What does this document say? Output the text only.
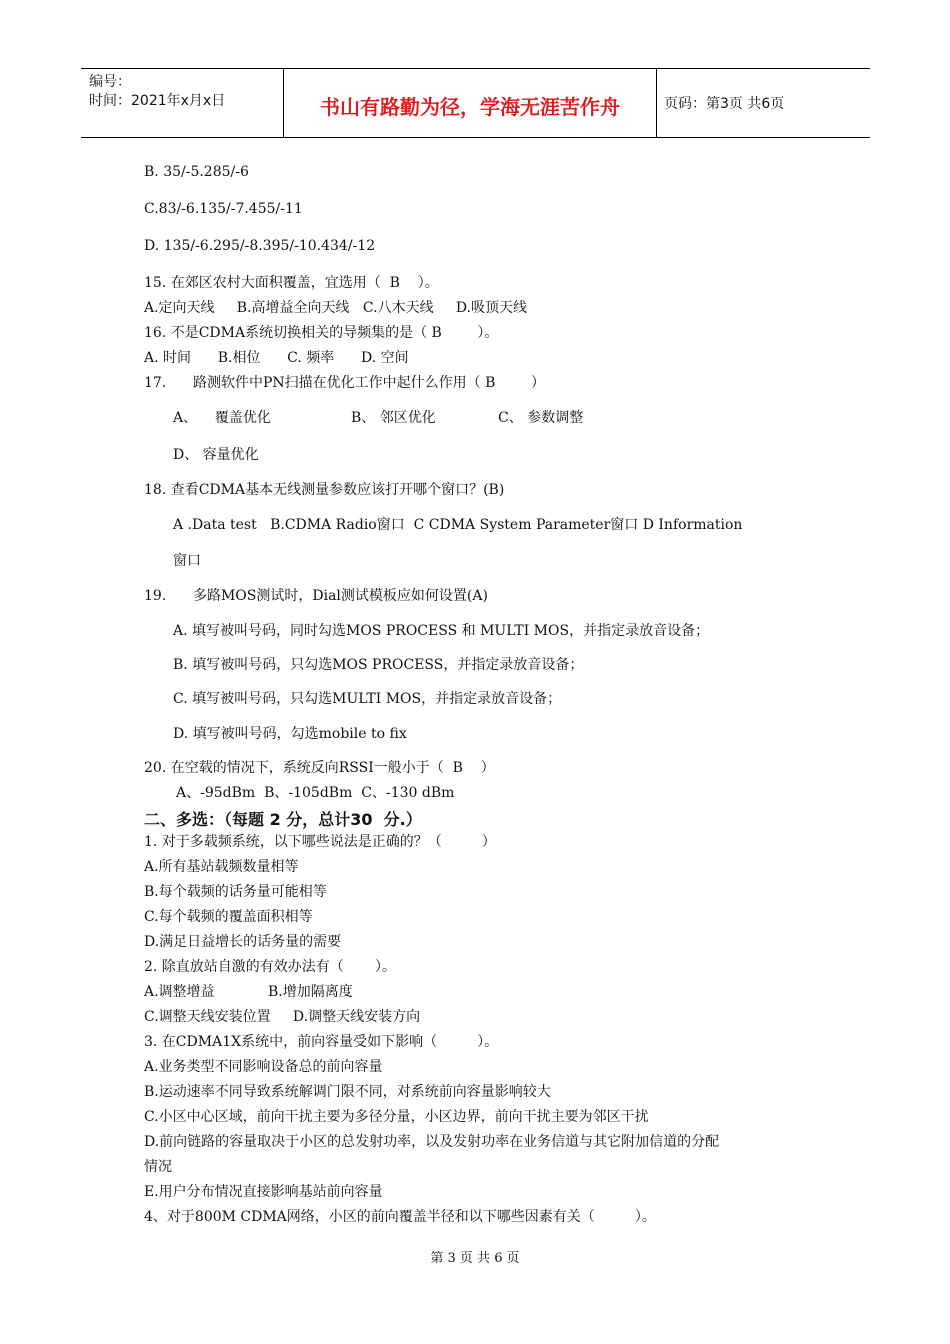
编号：
时间：2021年x月x日	书山有路勤为径，学海无涯苦作舟	页码：第3页 共6页
B. 35/-5.285/-6
C.83/-6.135/-7.455/-11
D. 135/-6.295/-8.395/-10.434/-12
15. 在郊区农村大面积覆盖，宜选用（  B    ）。
A.定向天线     B.高增益全向天线   C.八木天线     D.吸顶天线
16. 不是CDMA系统切换相关的导频集的是（ B        ）。
A. 时间      B.相位      C. 频率      D. 空间
17.      路测软件中PN扫描在优化工作中起什么作用（ B        ）
A、    覆盖优化                  B、 邻区优化              C、 参数调整
D、 容量优化
18. 查看CDMA基本无线测量参数应该打开哪个窗口？(B)
A .Data test   B.CDMA Radio窗口  C CDMA System Parameter窗口 D Information
窗口
19.      多路MOS测试时，Dial测试模板应如何设置(A)
A. 填写被叫号码，同时勾选MOS PROCESS 和 MULTI MOS，并指定录放音设备；
B. 填写被叫号码，只勾选MOS PROCESS，并指定录放音设备；
C. 填写被叫号码，只勾选MULTI MOS，并指定录放音设备；
D. 填写被叫号码，勾选mobile to fix
20. 在空载的情况下，系统反向RSSI一般小于（  B    ）
A、-95dBm  B、-105dBm  C、-130 dBm
二、多选：（每题 2 分，总计30  分.）
1. 对于多载频系统，以下哪些说法是正确的？（         ）
A.所有基站载频数量相等
B.每个载频的话务量可能相等
C.每个载频的覆盖面积相等
D.满足日益增长的话务量的需要
2. 除直放站自激的有效办法有（       ）。
A.调整增益            B.增加隔离度
C.调整天线安装位置     D.调整天线安装方向
3. 在CDMA1X系统中，前向容量受如下影响（         ）。
A.业务类型不同影响设备总的前向容量
B.运动速率不同导致系统解调门限不同，对系统前向容量影响较大
C.小区中心区域，前向干扰主要为多径分量，小区边界，前向干扰主要为邻区干扰
D.前向链路的容量取决于小区的总发射功率，以及发射功率在业务信道与其它附加信道的分配
情况
E.用户分布情况直接影响基站前向容量
4、对于800M CDMA网络，小区的前向覆盖半径和以下哪些因素有关（         ）。
第 3 页 共 6 页
